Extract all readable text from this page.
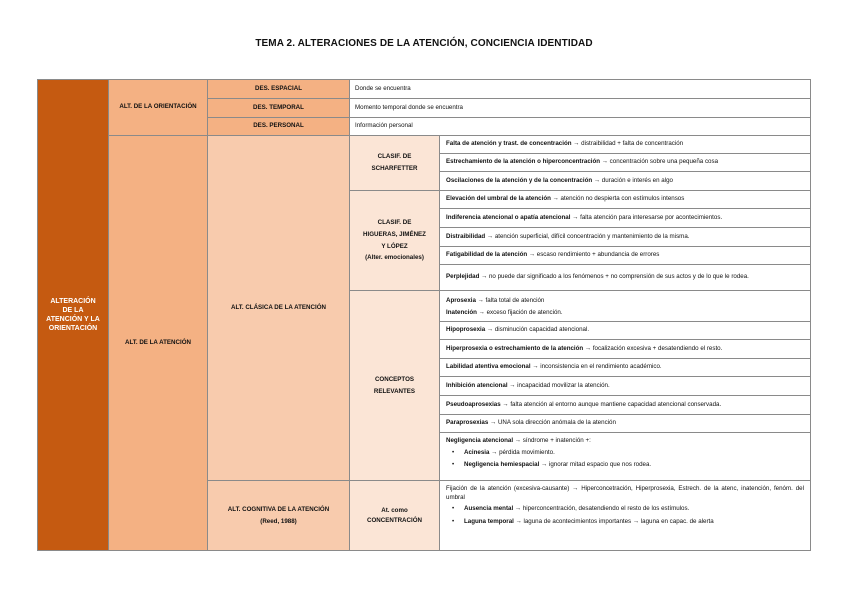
TEMA 2. ALTERACIONES DE LA ATENCIÓN, CONCIENCIA IDENTIDAD
ALTERACIÓN DE LA ATENCIÓN Y LA ORIENTACIÓN
ALT. DE LA ORIENTACIÓN
DES. ESPACIAL
DES. TEMPORAL
DES. PERSONAL
Donde se encuentra
Momento temporal donde se encuentra
Información personal
ALT. DE LA ATENCIÓN
ALT. CLÁSICA DE LA ATENCIÓN
ALT. COGNITIVA DE LA ATENCIÓN (Reed, 1988)
CLASIF. DE SCHARFETTER
CLASIF. DE HIGUERAS, JIMÉNEZ Y LÓPEZ
(Alter. emocionales)
CONCEPTOS RELEVANTES
At. como CONCENTRACIÓN
Falta de atención y trast. de concentración → distraibilidad + falta de concentración
Estrechamiento de la atención o hiperconcentración → concentración sobre una pequeña cosa
Oscilaciones de la atención y de la concentración → duración e interés en algo
Elevación del umbral de la atención → atención no despierta con estímulos intensos
Indiferencia atencional o apatía atencional → falta atención para interesarse por acontecimientos.
Distraibilidad → atención superficial, difícil concentración y mantenimiento de la misma.
Fatigabilidad de la atención → escaso rendimiento + abundancia de errores
Perplejidad → no puede dar significado a los fenómenos + no comprensión de sus actos y de lo que le rodea.
Aprosexia → falta total de atención
Inatención → exceso fijación de atención.
Hipoprosexia → disminución capacidad atencional.
Hiperprosexia o estrechamiento de la atención → focalización excesiva + desatendiendo el resto.
Labilidad atentiva emocional → inconsistencia en el rendimiento académico.
Inhibición atencional → incapacidad movilizar la atención.
Pseudoaprosexias → falta atención al entorno aunque mantiene capacidad atencional conservada.
Paraprosexias → UNA sola dirección anómala de la atención
Negligencia atencional → síndrome + inatención +:
• Acinesia → pérdida movimiento.
• Negligencia hemiespacial → ignorar mitad espacio que nos rodea.
Fijación de la atención (excesiva-causante) → Hiperconcetración, Hiperprosexia, Estrech. de la atenc, inatención, fenóm. del umbral
• Ausencia mental → hiperconcentración, desatendiendo el resto de los estímulos.
• Laguna temporal → laguna de acontecimientos importantes → laguna en capac. de alerta
